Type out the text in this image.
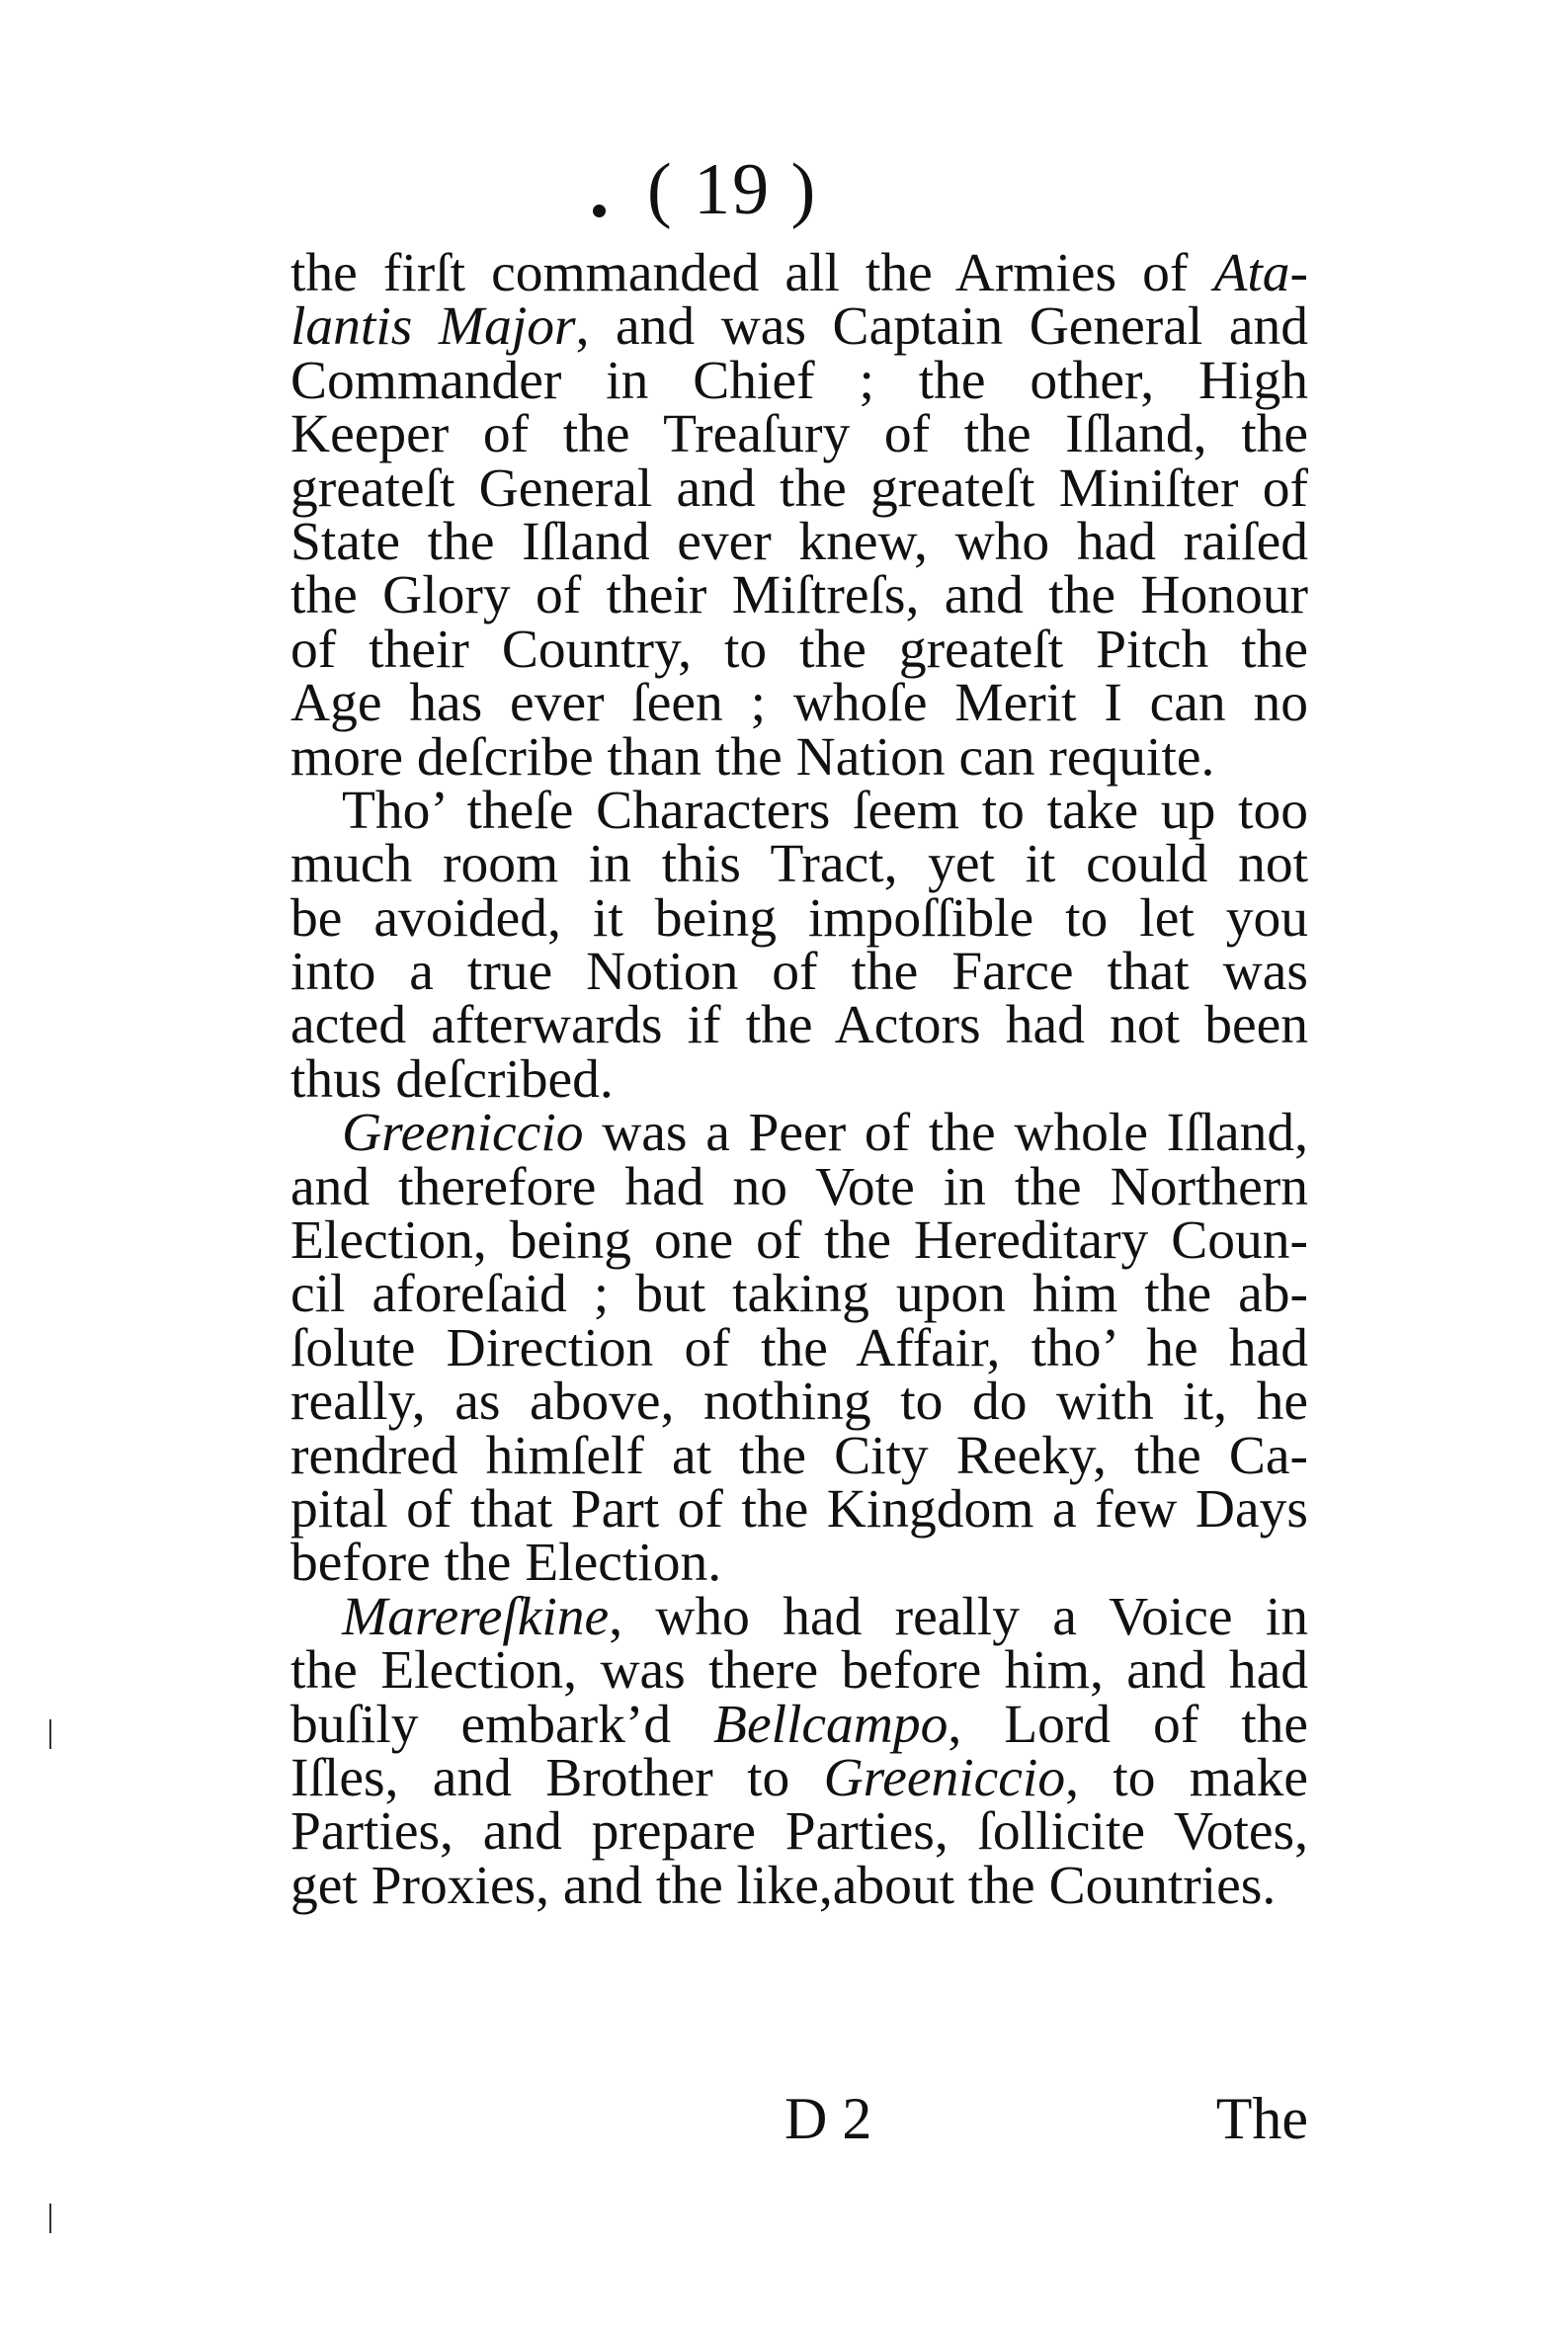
( 19 )
the firſt commanded all the Armies of Ata-
lantis Major, and was Captain General and
Commander in Chief ; the other, High
Keeper of the Treaſury of the Iſland, the
greateſt General and the greateſt Miniſter of
State the Iſland ever knew, who had raiſed
the Glory of their Miſtreſs, and the Honour
of their Country, to the greateſt Pitch the
Age has ever ſeen ; whoſe Merit I can no
more deſcribe than the Nation can requite.
Tho’ theſe Characters ſeem to take up too
much room in this Tract, yet it could not
be avoided, it being impoſſible to let you
into a true Notion of the Farce that was
acted afterwards if the Actors had not been
thus deſcribed.
Greeniccio was a Peer of the whole Iſland,
and therefore had no Vote in the Northern
Election, being one of the Hereditary Coun-
cil aforeſaid ; but taking upon him the ab-
ſolute Direction of the Affair, tho’ he had
really, as above, nothing to do with it, he
rendred himſelf at the City Reeky, the Ca-
pital of that Part of the Kingdom a few Days
before the Election.
Marereſkine, who had really a Voice in
the Election, was there before him, and had
buſily embark’d Bellcampo, Lord of the
Iſles, and Brother to Greeniccio, to make
Parties, and prepare Parties, ſollicite Votes,
get Proxies, and the like,about the Countries.
D 2	The
